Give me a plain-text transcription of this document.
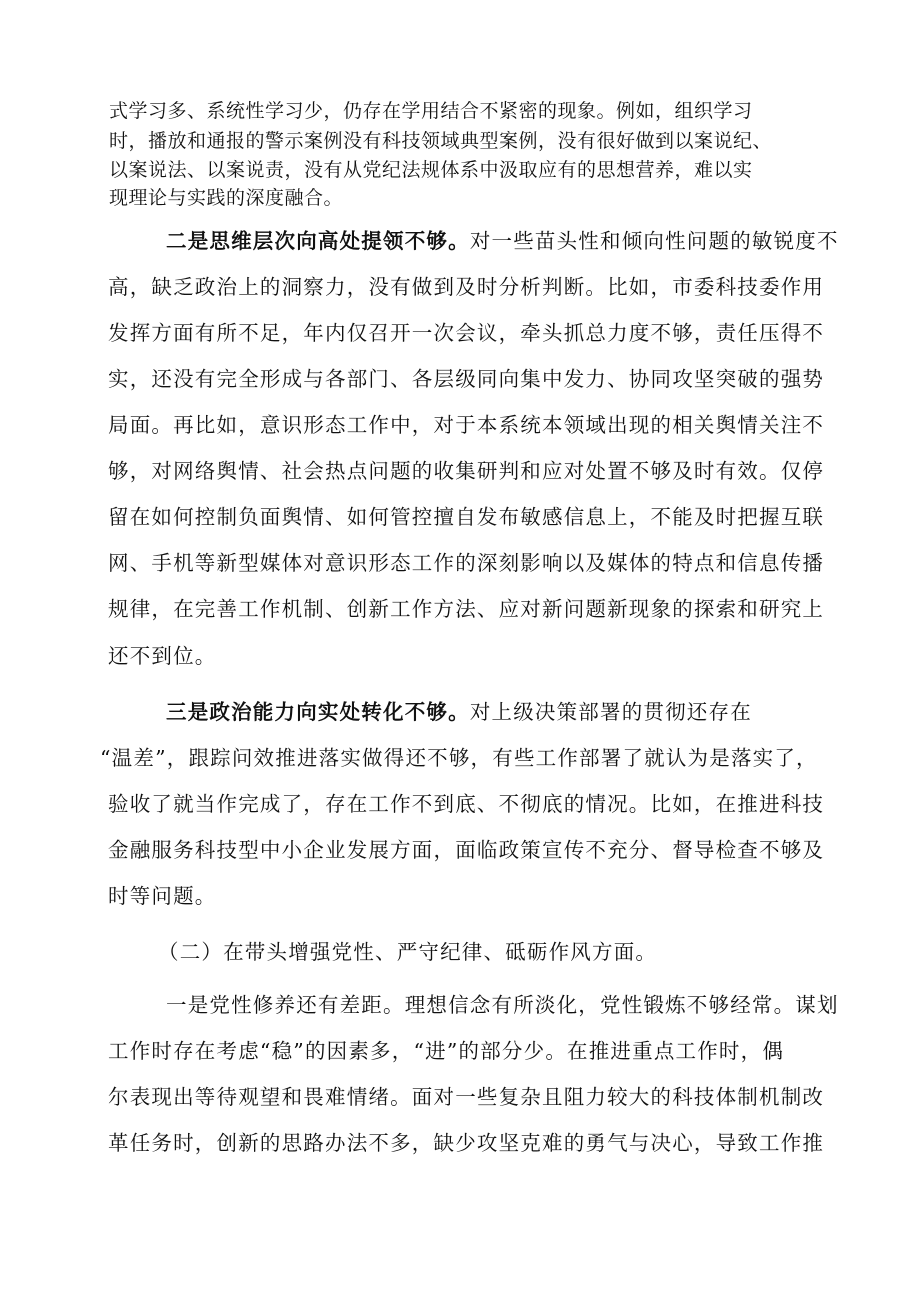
式学习多、系统性学习少，仍存在学用结合不紧密的现象。例如，组织学习

时，播放和通报的警示案例没有科技领域典型案例，没有很好做到以案说纪、

以案说法、以案说责，没有从党纪法规体系中汲取应有的思想营养，难以实

现理论与实践的深度融合。

二是思维层次向高处提领不够。对一些苗头性和倾向性问题的敏锐度不

高，缺乏政治上的洞察力，没有做到及时分析判断。比如，市委科技委作用

发挥方面有所不足，年内仅召开一次会议，牵头抓总力度不够，责任压得不

实，还没有完全形成与各部门、各层级同向集中发力、协同攻坚突破的强势

局面。再比如，意识形态工作中，对于本系统本领域出现的相关舆情关注不

够，对网络舆情、社会热点问题的收集研判和应对处置不够及时有效。仅停

留在如何控制负面舆情、如何管控擅自发布敏感信息上，不能及时把握互联

网、手机等新型媒体对意识形态工作的深刻影响以及媒体的特点和信息传播

规律，在完善工作机制、创新工作方法、应对新问题新现象的探索和研究上

还不到位。

三是政治能力向实处转化不够。对上级决策部署的贯彻还存在

“温差”，跟踪问效推进落实做得还不够，有些工作部署了就认为是落实了，

验收了就当作完成了，存在工作不到底、不彻底的情况。比如，在推进科技

金融服务科技型中小企业发展方面，面临政策宣传不充分、督导检查不够及

时等问题。

（二）在带头增强党性、严守纪律、砥砺作风方面。

一是党性修养还有差距。理想信念有所淡化，党性锻炼不够经常。谋划

工作时存在考虑“稳”的因素多，“进”的部分少。在推进重点工作时，偶

尔表现出等待观望和畏难情绪。面对一些复杂且阻力较大的科技体制机制改

革任务时，创新的思路办法不多，缺少攻坚克难的勇气与决心，导致工作推
